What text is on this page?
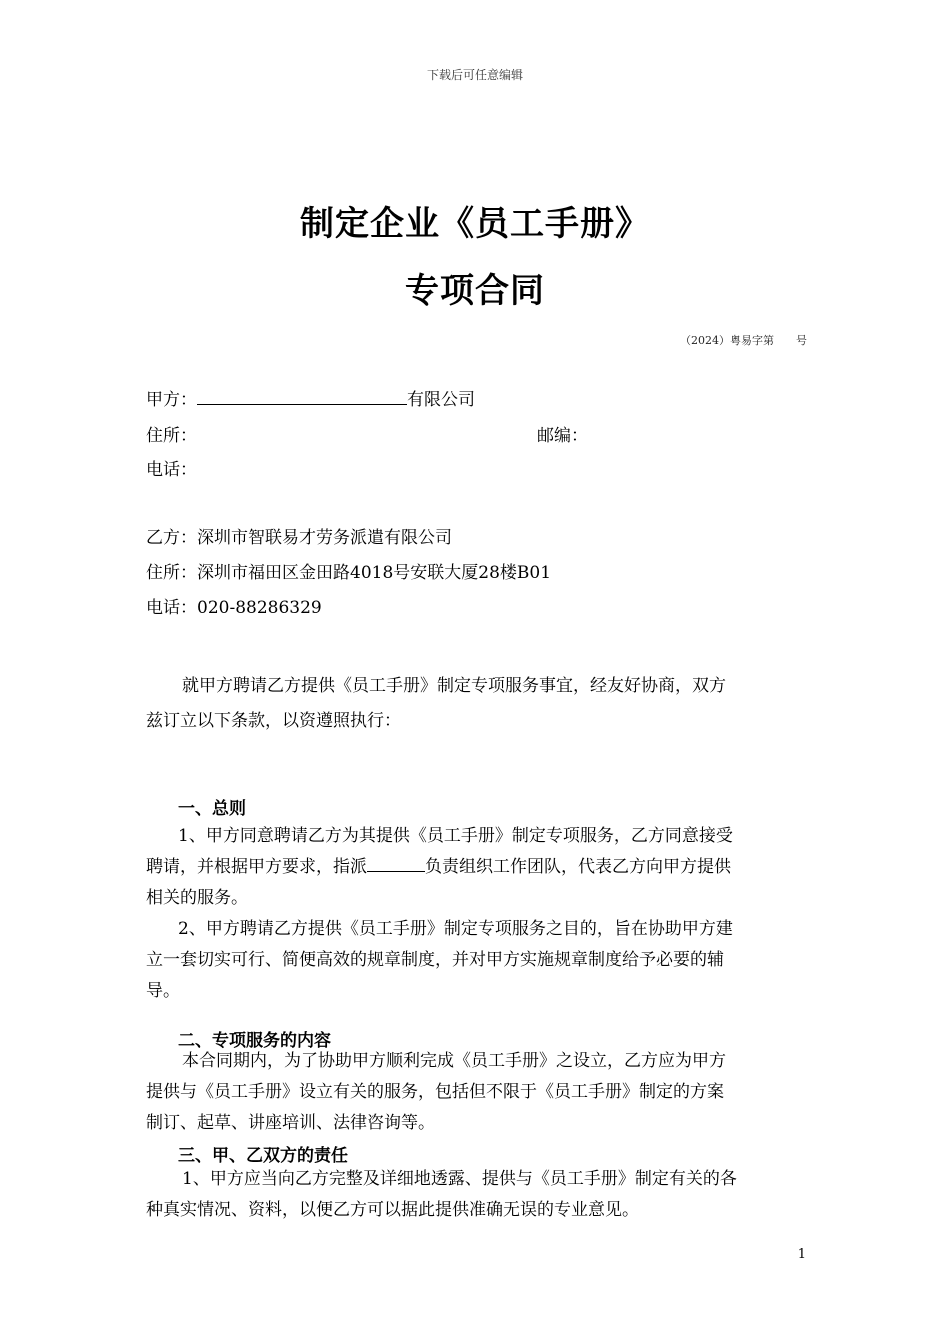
下载后可任意编辑
制定企业《员工手册》
专项合同
（2024）粤易字第　　号
甲方：	有限公司
住所：	邮编：
电话：
乙方：深圳市智联易才劳务派遣有限公司
住所：深圳市福田区金田路4018号安联大厦28楼B01
电话：020-88286329
就甲方聘请乙方提供《员工手册》制定专项服务事宜，经友好协商，双方
兹订立以下条款，以资遵照执行：
一、总则
1、甲方同意聘请乙方为其提供《员工手册》制定专项服务，乙方同意接受
聘请，并根据甲方要求，指派	负责组织工作团队，代表乙方向甲方提供
相关的服务。
2、甲方聘请乙方提供《员工手册》制定专项服务之目的，旨在协助甲方建
立一套切实可行、简便高效的规章制度，并对甲方实施规章制度给予必要的辅
导。
二、专项服务的内容
本合同期内，为了协助甲方顺利完成《员工手册》之设立，乙方应为甲方
提供与《员工手册》设立有关的服务，包括但不限于《员工手册》制定的方案
制订、起草、讲座培训、法律咨询等。
三、甲、乙双方的责任
1、甲方应当向乙方完整及详细地透露、提供与《员工手册》制定有关的各
种真实情况、资料，以便乙方可以据此提供准确无误的专业意见。
1
